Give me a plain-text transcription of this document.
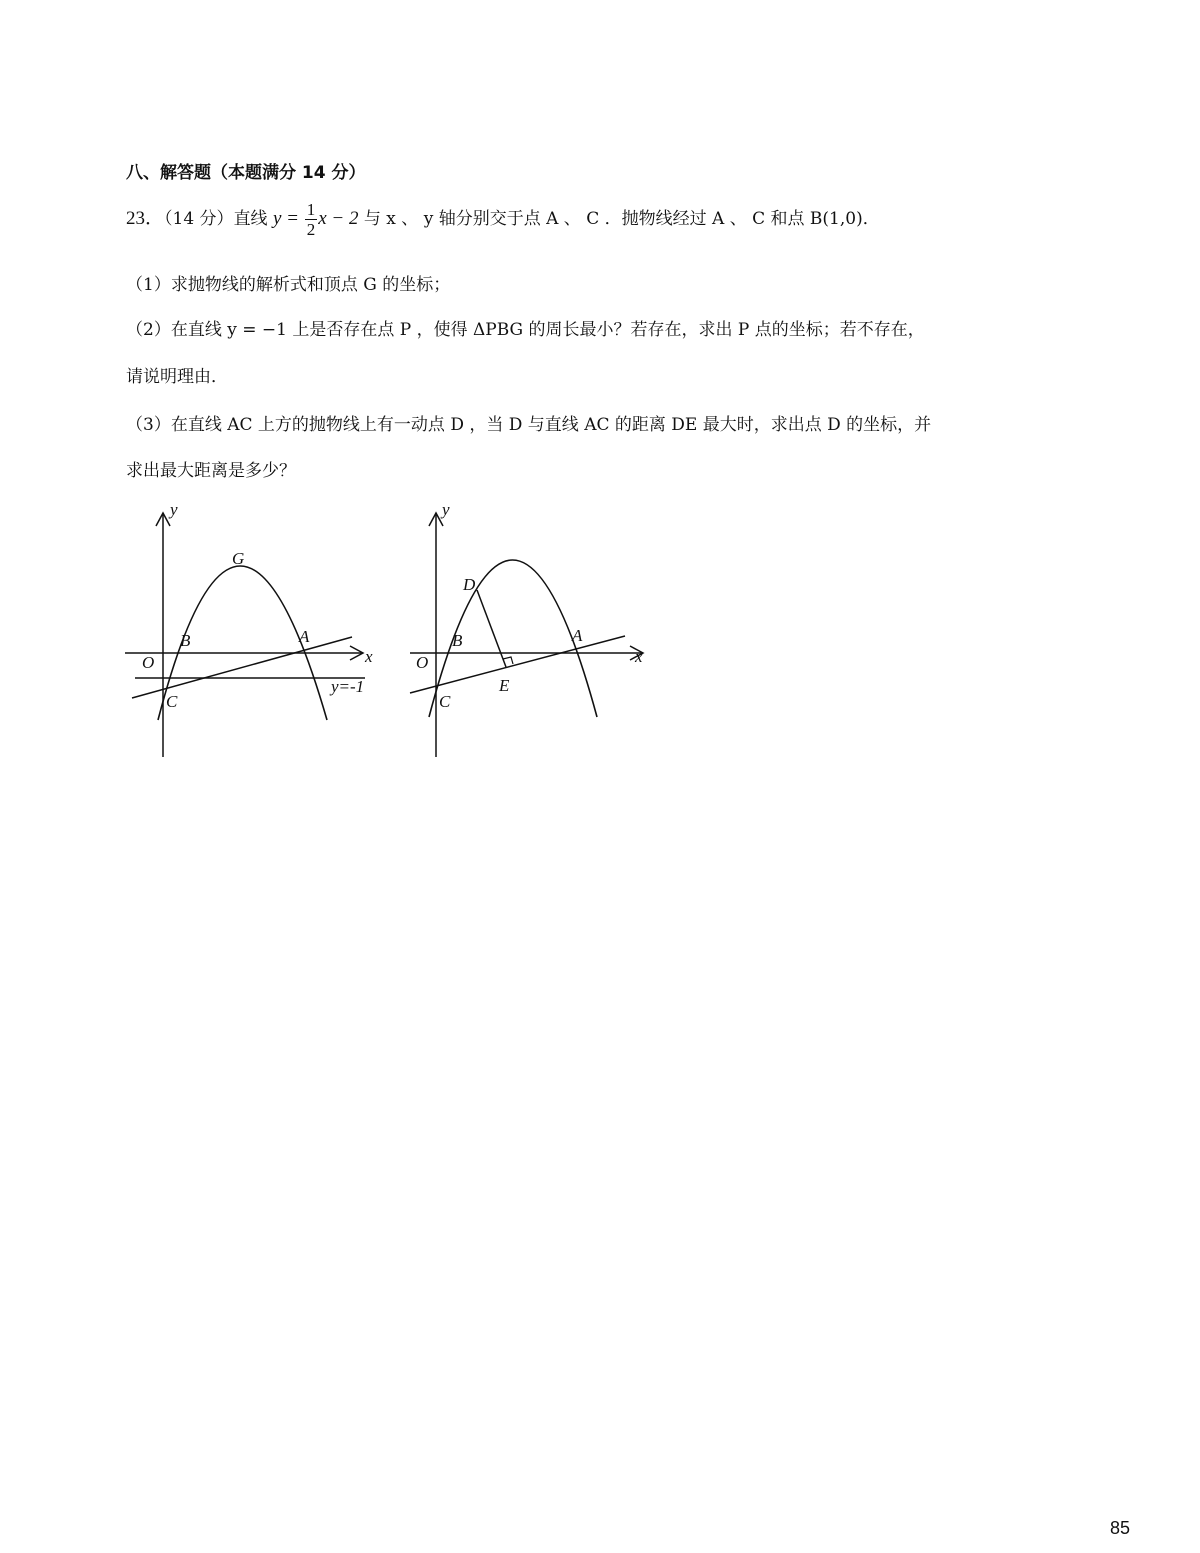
八、解答题（本题满分 14 分）
23．（14 分）直线 $y = \frac{1}{2}$ x − 2 与 x 、 y 轴分别交于点 A 、 C ．抛物线经过 A 、 C 和点 B(1,0)．
（1）求抛物线的解析式和顶点 G 的坐标；
（2）在直线 y = −1 上是否存在点 P ，使得 ΔPBG 的周长最小？若存在，求出 P 点的坐标；若不存在，
请说明理由．
（3）在直线 AC 上方的抛物线上有一动点 D ，当 D 与直线 AC 的距离 DE 最大时，求出点 D 的坐标，并
求出最大距离是多少？
y
x
O
G
B	A
C
y=-1
y
x
O
D
B	A
C
E
85
